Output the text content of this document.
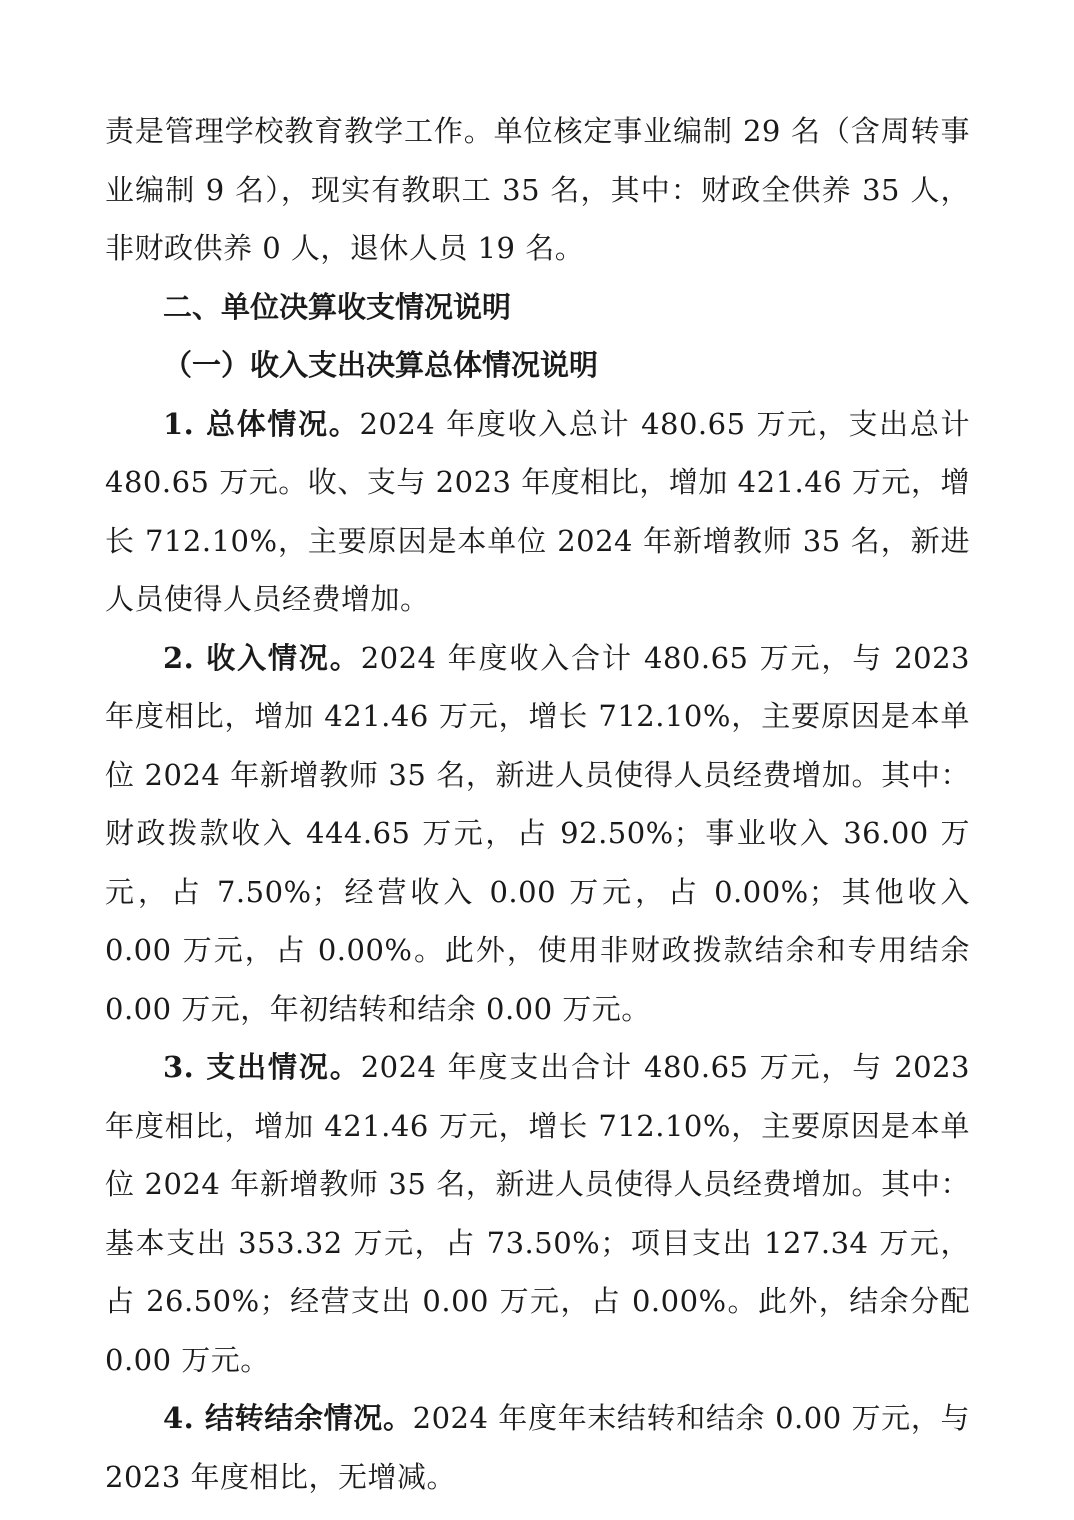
责是管理学校教育教学工作。单位核定事业编制 29 名（含周转事业编制 9 名），现实有教职工 35 名，其中：财政全供养 35 人，非财政供养 0 人，退休人员 19 名。

二、单位决算收支情况说明

（一）收入支出决算总体情况说明

1. 总体情况。2024 年度收入总计 480.65 万元，支出总计 480.65 万元。收、支与 2023 年度相比，增加 421.46 万元，增长 712.10%，主要原因是本单位 2024 年新增教师 35 名，新进人员使得人员经费增加。

2. 收入情况。2024 年度收入合计 480.65 万元，与 2023 年度相比，增加 421.46 万元，增长 712.10%，主要原因是本单位 2024 年新增教师 35 名，新进人员使得人员经费增加。其中：财政拨款收入 444.65 万元，占 92.50%；事业收入 36.00 万元，占 7.50%；经营收入 0.00 万元，占 0.00%；其他收入 0.00 万元，占 0.00%。此外，使用非财政拨款结余和专用结余 0.00 万元，年初结转和结余 0.00 万元。

3. 支出情况。2024 年度支出合计 480.65 万元，与 2023 年度相比，增加 421.46 万元，增长 712.10%，主要原因是本单位 2024 年新增教师 35 名，新进人员使得人员经费增加。其中：基本支出 353.32 万元，占 73.50%；项目支出 127.34 万元，占 26.50%；经营支出 0.00 万元，占 0.00%。此外，结余分配 0.00 万元。

4. 结转结余情况。2024 年度年末结转和结余 0.00 万元，与 2023 年度相比，无增减。
